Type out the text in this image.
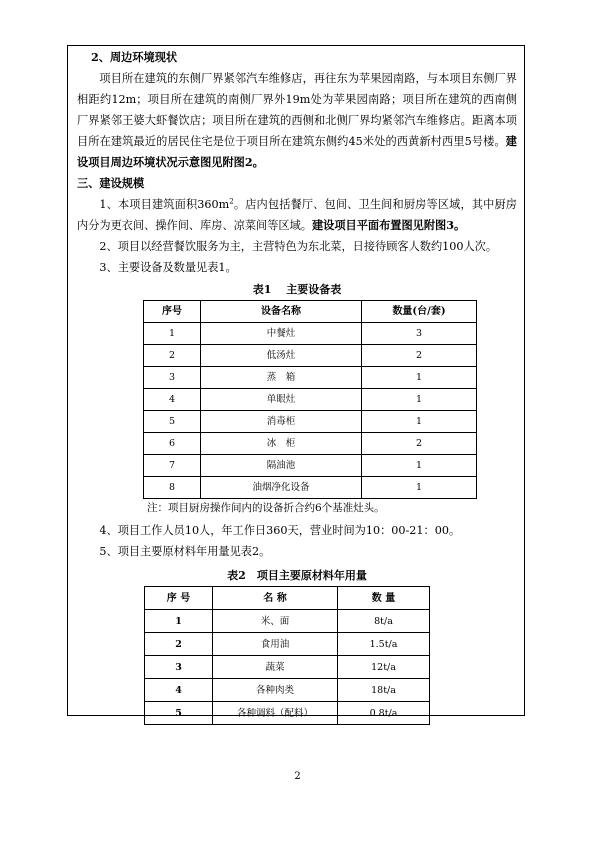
2、周边环境现状

项目所在建筑的东侧厂界紧邻汽车维修店，再往东为苹果园南路，与本项目东侧厂界相距约12m；项目所在建筑的南侧厂界外19m处为苹果园南路；项目所在建筑的西南侧厂界紧邻王婆大虾餐饮店；项目所在建筑的西侧和北侧厂界均紧邻汽车维修店。距离本项目所在建筑最近的居民住宅是位于项目所在建筑东侧约45米处的西黄新村西里5号楼。建设项目周边环境状况示意图见附图2。

三、建设规模

1、本项目建筑面积$360m^2$。店内包括餐厅、包间、卫生间和厨房等区域，其中厨房内分为更衣间、操作间、库房、凉菜间等区域。建设项目平面布置图见附图3。

2、项目以经营餐饮服务为主，主营特色为东北菜，日接待顾客人数约100人次。

3、主要设备及数量见表1。

表1　 主要设备表
序号	设备名称	数量(台/套)
1	中餐灶	3
2	低汤灶	2
3	蒸　箱	1
4	单眼灶	1
5	消毒柜	1
6	冰　柜	2
7	隔油池	1
8	油烟净化设备	1
注：项目厨房操作间内的设备折合约6个基准灶头。

4、项目工作人员10人，年工作日360天，营业时间为10：00-21：00。

5、项目主要原材料年用量见表2。

表2　项目主要原材料年用量
序 号	名 称	数 量
1	米、面	8t/a
2	食用油	1.5t/a
3	蔬菜	12t/a
4	各种肉类	18t/a
5	各种调料（配料）	0.8t/a
2
